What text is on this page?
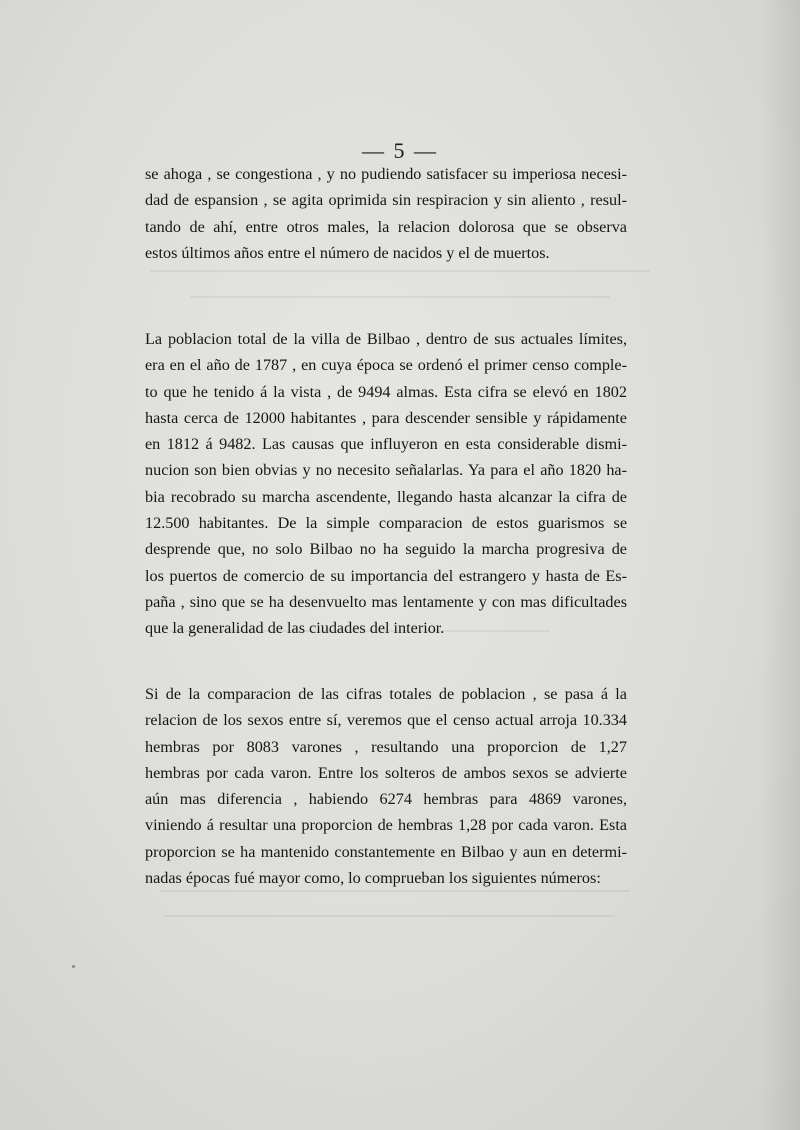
— 5 —
se ahoga , se congestiona , y no pudiendo satisfacer su imperiosa necesi-
dad de espansion , se agita oprimida sin respiracion y sin aliento , resul-
tando de ahí, entre otros males, la relacion dolorosa que se observa
estos últimos años entre el número de nacidos y el de muertos.
La poblacion total de la villa de Bilbao , dentro de sus actuales límites,
era en el año de 1787 , en cuya época se ordenó el primer censo comple-
to que he tenido á la vista , de 9494 almas. Esta cifra se elevó en 1802
hasta cerca de 12000 habitantes , para descender sensible y rápidamente
en 1812 á 9482. Las causas que influyeron en esta considerable dismi-
nucion son bien obvias y no necesito señalarlas. Ya para el año 1820 ha-
bia recobrado su marcha ascendente, llegando hasta alcanzar la cifra de
12.500 habitantes. De la simple comparacion de estos guarismos se
desprende que, no solo Bilbao no ha seguido la marcha progresiva de
los puertos de comercio de su importancia del estrangero y hasta de Es-
paña , sino que se ha desenvuelto mas lentamente y con mas dificultades
que la generalidad de las ciudades del interior.
Si de la comparacion de las cifras totales de poblacion , se pasa á la
relacion de los sexos entre sí, veremos que el censo actual arroja 10.334
hembras por 8083 varones , resultando una proporcion de 1,27
hembras por cada varon. Entre los solteros de ambos sexos se advierte
aún mas diferencia , habiendo 6274 hembras para 4869 varones,
viniendo á resultar una proporcion de hembras 1,28 por cada varon. Esta
proporcion se ha mantenido constantemente en Bilbao y aun en determi-
nadas épocas fué mayor como, lo comprueban los siguientes números:
